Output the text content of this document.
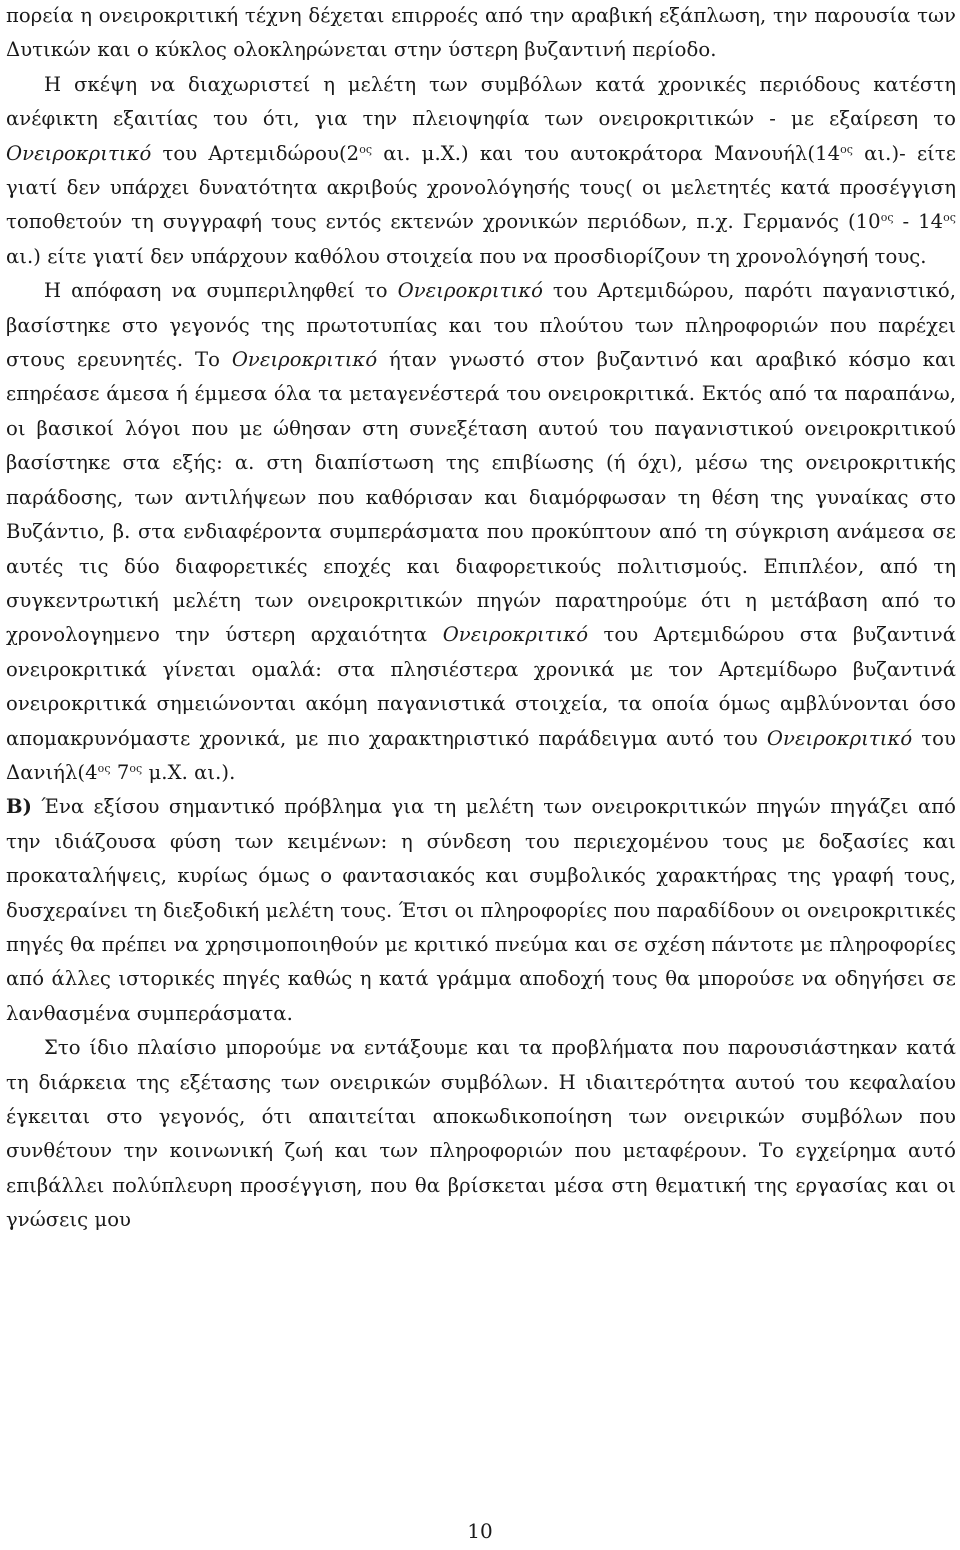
πορεία η ονειροκριτική τέχνη δέχεται επιρροές από την αραβική εξάπλωση, την παρουσία των Δυτικών και ο κύκλος ολοκληρώνεται στην ύστερη βυζαντινή περίοδο.

Η σκέψη να διαχωριστεί η μελέτη των συμβόλων κατά χρονικές περιόδους κατέστη ανέφικτη εξαιτίας του ότι, για την πλειοψηφία των ονειροκριτικών - με εξαίρεση το Ονειροκριτικό του $A\rho\tau\varepsilon\mu\iota\delta ώ\rho o\upsilon(2^{o\varsigma}$ αι. μ.Χ.) και του αυτοκράτορα $M\alpha\nu o\upsilon ή\lambda(14^{o\varsigma}$ αι.)- είτε γιατί δεν υπάρχει δυνατότητα ακριβούς χρονολόγησής τους( οι μελετητές κατά προσέγγιση τοποθετούν τη συγγραφή τους εντός εκτενών χρονικών περιόδων, π.χ. Γερμανός ($10^{o\varsigma} - 14^{o\varsigma}$ αι.) είτε γιατί δεν υπάρχουν καθόλου στοιχεία που να προσδιορίζουν τη χρονολόγησή τους.

Η απόφαση να συμπεριληφθεί το Ονειροκριτικό του Αρτεμιδώρου, παρότι παγανιστικό, βασίστηκε στο γεγονός της πρωτοτυπίας και του πλούτου των πληροφοριών που παρέχει στους ερευνητές. Το Ονειροκριτικό ήταν γνωστό στον βυζαντινό και αραβικό κόσμο και επηρέασε άμεσα ή έμμεσα όλα τα μεταγενέστερά του ονειροκριτικά. Εκτός από τα παραπάνω, οι βασικοί λόγοι που με ώθησαν στη συνεξέταση αυτού του παγανιστικού ονειροκριτικού βασίστηκε στα εξής: α. στη διαπίστωση της επιβίωσης (ή όχι), μέσω της ονειροκριτικής παράδοσης, των αντιλήψεων που καθόρισαν και διαμόρφωσαν τη θέση της γυναίκας στο Βυζάντιο, β. στα ενδιαφέροντα συμπεράσματα που προκύπτουν από τη σύγκριση ανάμεσα σε αυτές τις δύο διαφορετικές εποχές και διαφορετικούς πολιτισμούς. Επιπλέον, από τη συγκεντρωτική μελέτη των ονειροκριτικών πηγών παρατηρούμε ότι η μετάβαση από το χρονολογημενο την ύστερη αρχαιότητα Ονειροκριτικό του Αρτεμιδώρου στα βυζαντινά ονειροκριτικά γίνεται ομαλά: στα πλησιέστερα χρονικά με τον Αρτεμίδωρο βυζαντινά ονειροκριτικά σημειώνονται ακόμη παγανιστικά στοιχεία, τα οποία όμως αμβλύνονται όσο απομακρυνόμαστε χρονικά, με πιο χαρακτηριστικό παράδειγμα αυτό του Ονειροκριτικό του $\Delta\alpha\nu\iota ή\lambda(4^{o\varsigma}$ $7^{o\varsigma}$ μ.Χ. αι.).

Β) Ένα εξίσου σημαντικό πρόβλημα για τη μελέτη των ονειροκριτικών πηγών πηγάζει από την ιδιάζουσα φύση των κειμένων: η σύνδεση του περιεχομένου τους με δοξασίες και προκαταλήψεις, κυρίως όμως ο φαντασιακός και συμβολικός χαρακτήρας της γραφή τους, δυσχεραίνει τη διεξοδική μελέτη τους. Έτσι οι πληροφορίες που παραδίδουν οι ονειροκριτικές πηγές θα πρέπει να χρησιμοποιηθούν με κριτικό πνεύμα και σε σχέση πάντοτε με πληροφορίες από άλλες ιστορικές πηγές καθώς η κατά γράμμα αποδοχή τους θα μπορούσε να οδηγήσει σε λανθασμένα συμπεράσματα.

Στο ίδιο πλαίσιο μπορούμε να εντάξουμε και τα προβλήματα που παρουσιάστηκαν κατά τη διάρκεια της εξέτασης των ονειρικών συμβόλων. Η ιδιαιτερότητα αυτού του κεφαλαίου έγκειται στο γεγονός, ότι απαιτείται αποκωδικοποίηση των ονειρικών συμβόλων που συνθέτουν την κοινωνική ζωή και των πληροφοριών που μεταφέρουν. Το εγχείρημα αυτό επιβάλλει πολύπλευρη προσέγγιση, που θα βρίσκεται μέσα στη θεματική της εργασίας και οι γνώσεις μου

10
